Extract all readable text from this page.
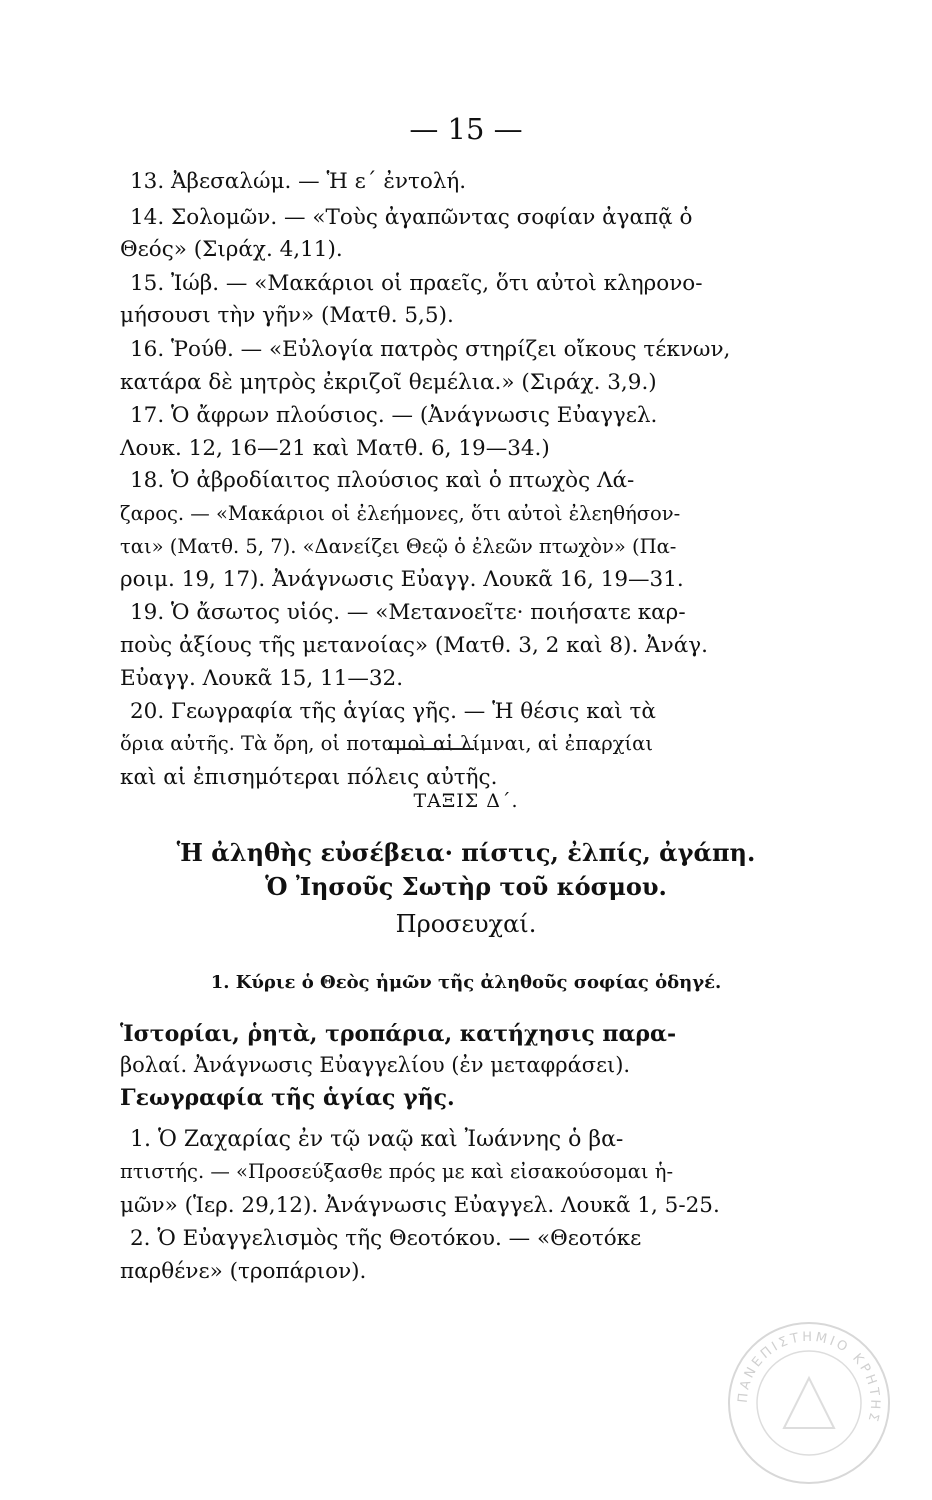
— 15 —
13. Ἀβεσαλώμ. — Ἡ ε΄ ἐντολή.
14. Σολομῶν. — «Τοὺς ἀγαπῶντας σοφίαν ἀγαπᾷ ὁ
Θεός» (Σιράχ. 4,11).
15. Ἰώβ. — «Μακάριοι οἱ πραεῖς, ὅτι αὐτοὶ κληρονο-
μήσουσι τὴν γῆν» (Ματθ. 5,5).
16. Ῥούθ. — «Εὐλογία πατρὸς στηρίζει οἴκους τέκνων,
κατάρα δὲ μητρὸς ἐκριζοῖ θεμέλια.» (Σιράχ. 3,9.)
17. Ὁ ἄφρων πλούσιος. — (Ἀνάγνωσις Εὐαγγελ.
Λουκ. 12, 16—21 καὶ Ματθ. 6, 19—34.)
18. Ὁ ἀβροδίαιτος πλούσιος καὶ ὁ πτωχὸς Λά-
ζαρος. — «Μακάριοι οἱ ἐλεήμονες, ὅτι αὐτοὶ ἐλεηθήσον-
ται» (Ματθ. 5, 7). «Δανείζει Θεῷ ὁ ἐλεῶν πτωχὸν» (Πα-
ροιμ. 19, 17). Ἀνάγνωσις Εὐαγγ. Λουκᾶ 16, 19—31.
19. Ὁ ἄσωτος υἱός. — «Μετανοεῖτε· ποιήσατε καρ-
ποὺς ἀξίους τῆς μετανοίας» (Ματθ. 3, 2 καὶ 8). Ἀνάγ.
Εὐαγγ. Λουκᾶ 15, 11—32.
20. Γεωγραφία τῆς ἁγίας γῆς. — Ἡ θέσις καὶ τὰ
ὅρια αὐτῆς. Τὰ ὄρη, οἱ ποταμοὶ αἱ λίμναι, αἱ ἐπαρχίαι
καὶ αἱ ἐπισημότεραι πόλεις αὐτῆς.
ΤΑΞΙΣ Δ΄.
Ἡ ἀληθὴς εὐσέβεια· πίστις, ἐλπίς, ἀγάπη.
Ὁ Ἰησοῦς Σωτὴρ τοῦ κόσμου.
Προσευχαί.
1. Κύριε ὁ Θεὸς ἡμῶν τῆς ἀληθοῦς σοφίας ὁδηγέ.
Ἱστορίαι, ῥητὰ, τροπάρια, κατήχησις παρα-
βολαί. Ἀνάγνωσις Εὐαγγελίου (ἐν μεταφράσει).
Γεωγραφία τῆς ἁγίας γῆς.
1. Ὁ Ζαχαρίας ἐν τῷ ναῷ καὶ Ἰωάννης ὁ βα-
πτιστής. — «Προσεύξασθε πρός με καὶ εἰσακούσομαι ἡ-
μῶν» (Ἱερ. 29,12). Ἀνάγνωσις Εὐαγγελ. Λουκᾶ 1, 5-25.
2. Ὁ Εὐαγγελισμὸς τῆς Θεοτόκου. — «Θεοτόκε
παρθένε» (τροπάριον).
ΠΑΝΕΠΙΣΤΗΜΙΟ ΚΡΗΤΗΣ
